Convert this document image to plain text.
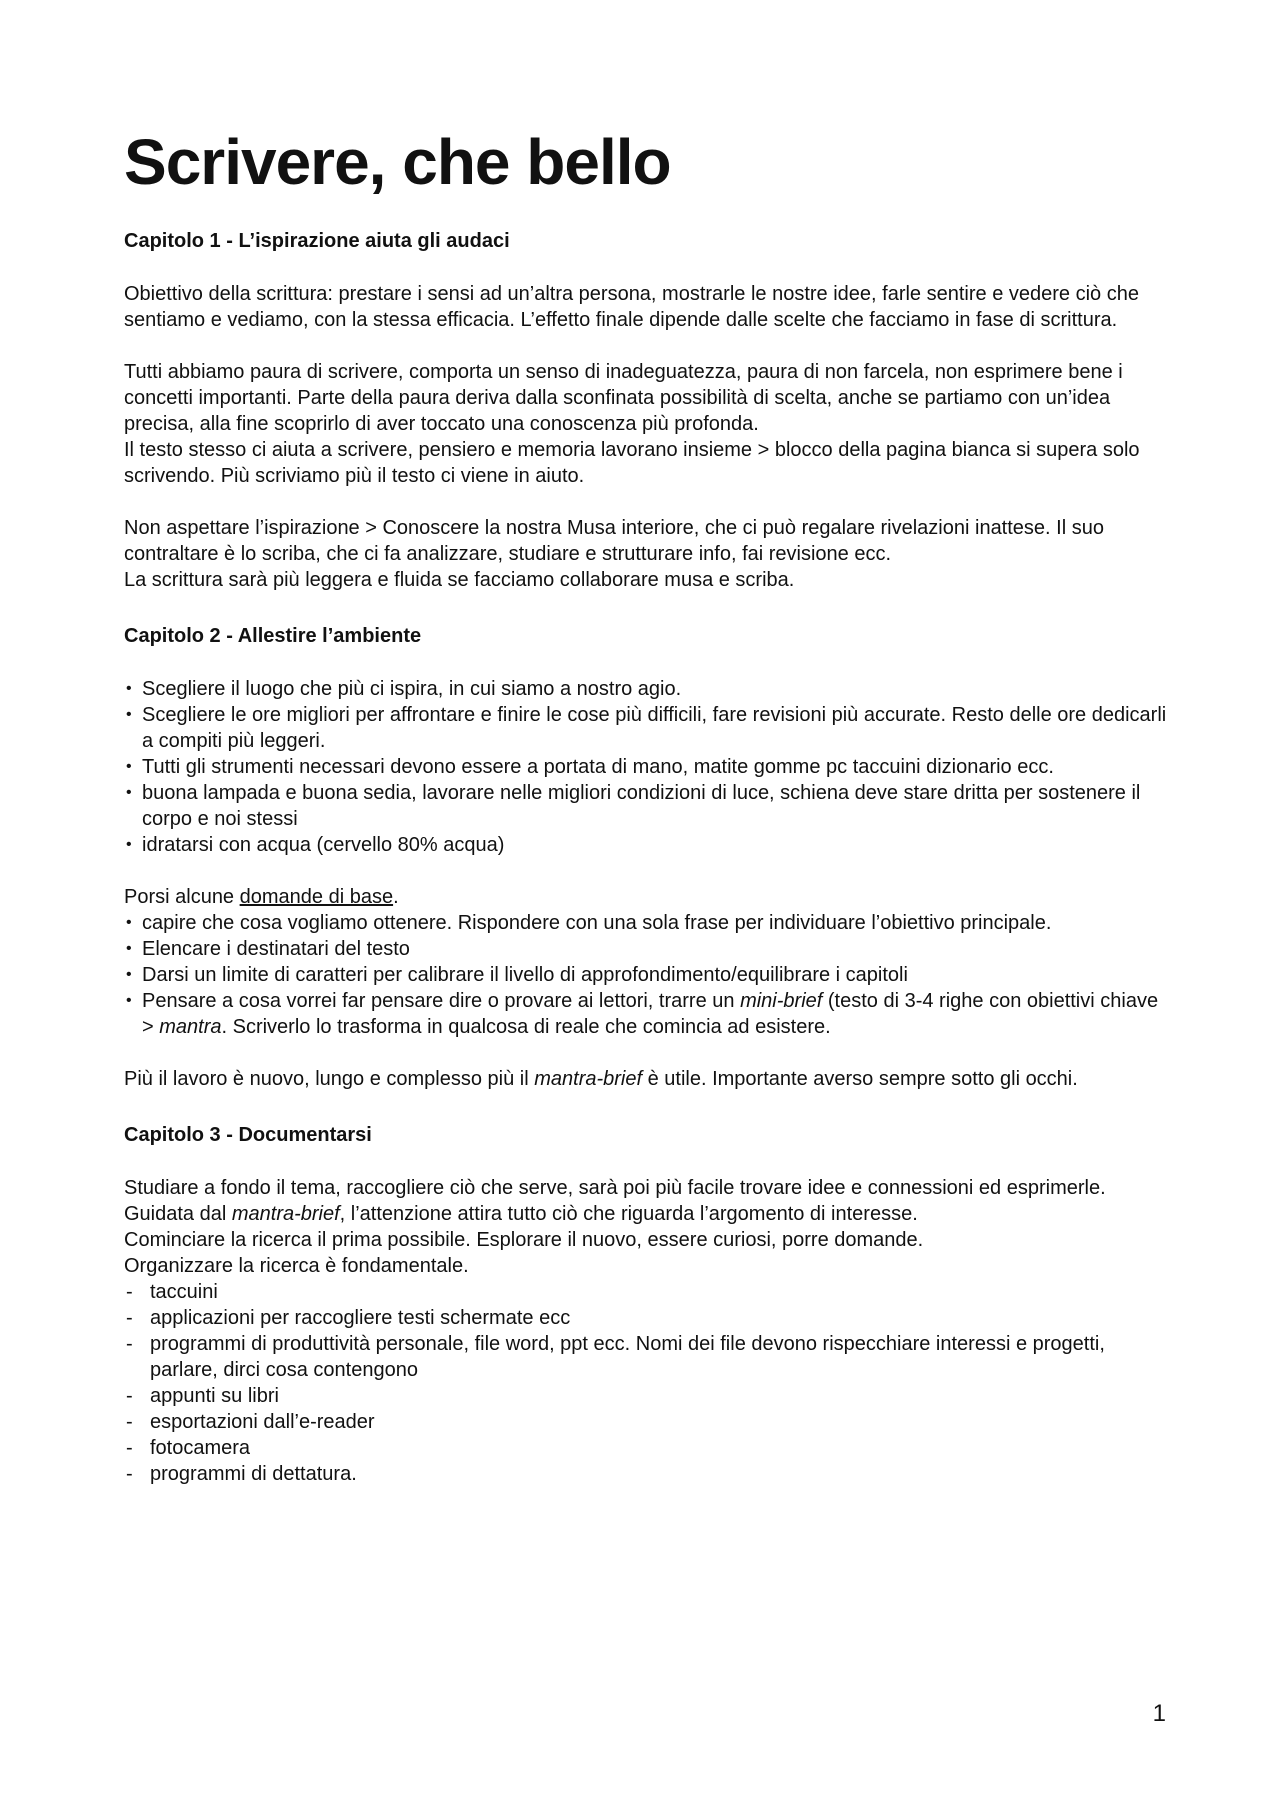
Scrivere, che bello
Capitolo 1 - L’ispirazione aiuta gli audaci

Obiettivo della scrittura: prestare i sensi ad un’altra persona, mostrarle le nostre idee, farle sentire e vedere ciò che sentiamo e vediamo, con la stessa efficacia. L’effetto finale dipende dalle scelte che facciamo in fase di scrittura.

Tutti abbiamo paura di scrivere, comporta un senso di inadeguatezza, paura di non farcela, non esprimere bene i concetti importanti. Parte della paura deriva dalla sconfinata possibilità di scelta, anche se partiamo con un’idea precisa, alla fine scoprirlo di aver toccato una conoscenza più profonda.

Il testo stesso ci aiuta a scrivere, pensiero e memoria lavorano insieme > blocco della pagina bianca si supera solo scrivendo. Più scriviamo più il testo ci viene in aiuto.

Non aspettare l’ispirazione > Conoscere la nostra Musa interiore, che ci può regalare rivelazioni inattese. Il suo contraltare è lo scriba, che ci fa analizzare, studiare e strutturare info, fai revisione ecc.

La scrittura sarà più leggera e fluida se facciamo collaborare musa e scriba.

Capitolo 2 - Allestire l’ambiente
• Scegliere il luogo che più ci ispira, in cui siamo a nostro agio.
• Scegliere le ore migliori per affrontare e finire le cose più difficili, fare revisioni più accurate. Resto delle ore dedicarli a compiti più leggeri.
• Tutti gli strumenti necessari devono essere a portata di mano, matite gomme pc taccuini dizionario ecc.
• buona lampada e buona sedia, lavorare nelle migliori condizioni di luce, schiena deve stare dritta per sostenere il corpo e noi stessi
• idratarsi con acqua (cervello 80% acqua)

Porsi alcune domande di base.

• capire che cosa vogliamo ottenere. Rispondere con una sola frase per individuare l’obiettivo principale.
• Elencare i destinatari del testo
• Darsi un limite di caratteri per calibrare il livello di approfondimento/equilibrare i capitoli
• Pensare a cosa vorrei far pensare dire o provare ai lettori, trarre un mini-brief (testo di 3-4 righe con obiettivi chiave > mantra. Scriverlo lo trasforma in qualcosa di reale che comincia ad esistere.

Più il lavoro è nuovo, lungo e complesso più il mantra-brief è utile. Importante averso sempre sotto gli occhi.

Capitolo 3 - Documentarsi

Studiare a fondo il tema, raccogliere ciò che serve, sarà poi più facile trovare idee e connessioni ed esprimerle. Guidata dal mantra-brief, l’attenzione attira tutto ciò che riguarda l’argomento di interesse.

Cominciare la ricerca il prima possibile. Esplorare il nuovo, essere curiosi, porre domande.

Organizzare la ricerca è fondamentale.

- taccuini
- applicazioni per raccogliere testi schermate ecc
- programmi di produttività personale, file word, ppt ecc. Nomi dei file devono rispecchiare interessi e progetti, parlare, dirci cosa contengono
- appunti su libri
- esportazioni dall’e-reader
- fotocamera
- programmi di dettatura.
1
